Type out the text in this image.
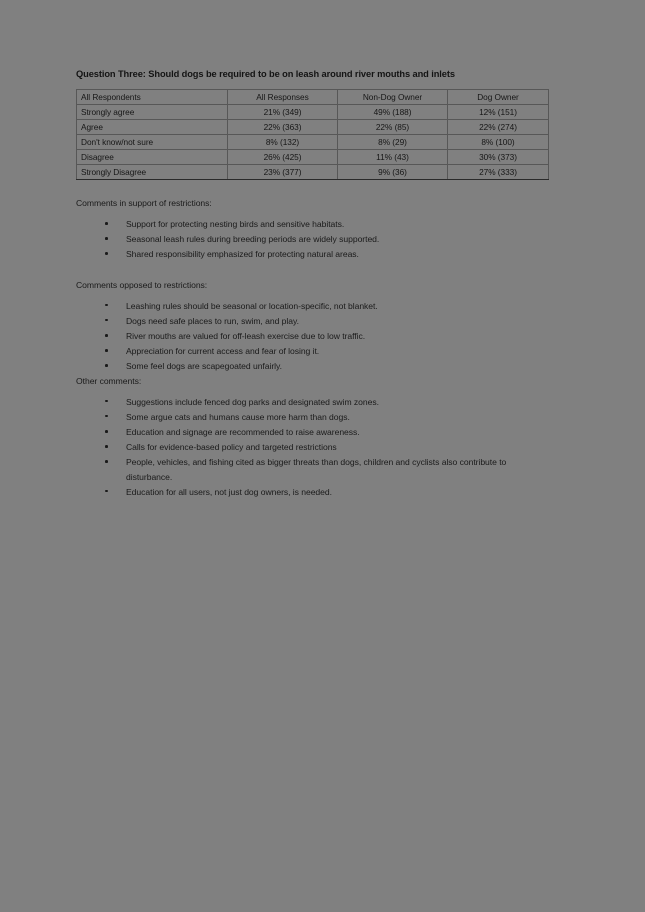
Question Three: Should dogs be required to be on leash around river mouths and inlets
All Respondents	All Responses	Non-Dog Owner	Dog Owner
Strongly agree	21% (349)	49% (188)	12% (151)
Agree	22% (363)	22% (85)	22% (274)
Don't know/not sure	8% (132)	8% (29)	8% (100)
Disagree	26% (425)	11% (43)	30% (373)
Strongly Disagree	23% (377)	9% (36)	27% (333)

Comments in support of restrictions:

Support for protecting nesting birds and sensitive habitats.
Seasonal leash rules during breeding periods are widely supported.
Shared responsibility emphasized for protecting natural areas.

Comments opposed to restrictions:

Leashing rules should be seasonal or location-specific, not blanket.
Dogs need safe places to run, swim, and play.
River mouths are valued for off-leash exercise due to low traffic.
Appreciation for current access and fear of losing it.
Some feel dogs are scapegoated unfairly.

Other comments:

Suggestions include fenced dog parks and designated swim zones.
Some argue cats and humans cause more harm than dogs.
Education and signage are recommended to raise awareness.
Calls for evidence-based policy and targeted restrictions
People, vehicles, and fishing cited as bigger threats than dogs, children and cyclists also contribute to disturbance.
Education for all users, not just dog owners, is needed.
